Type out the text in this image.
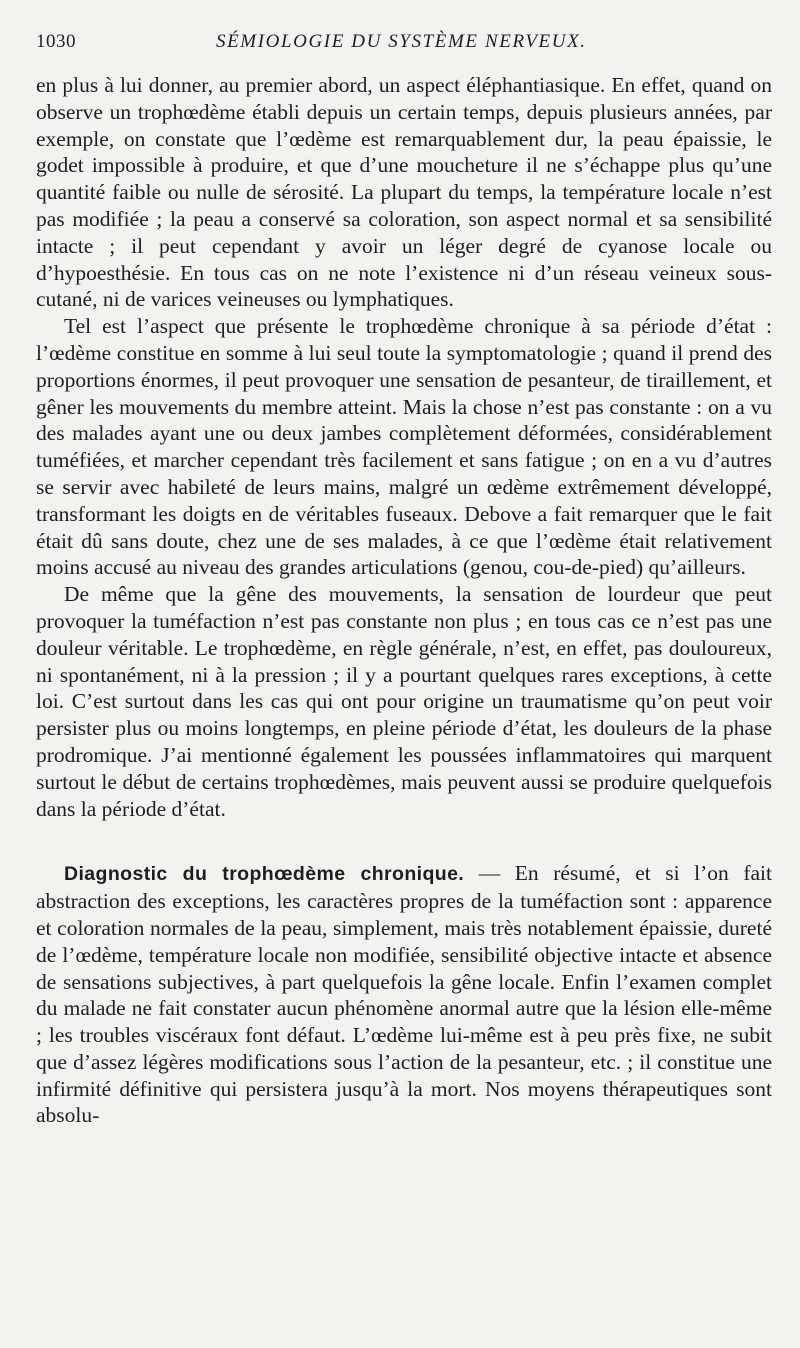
1030	SÉMIOLOGIE DU SYSTÈME NERVEUX.

en plus à lui donner, au premier abord, un aspect éléphantiasique. En effet, quand on observe un trophœdème établi depuis un certain temps, depuis plusieurs années, par exemple, on constate que l’œdème est remarquablement dur, la peau épaissie, le godet impossible à produire, et que d’une moucheture il ne s’échappe plus qu’une quantité faible ou nulle de sérosité. La plupart du temps, la température locale n’est pas modifiée ; la peau a conservé sa coloration, son aspect normal et sa sensibilité intacte ; il peut cependant y avoir un léger degré de cyanose locale ou d’hypoesthésie. En tous cas on ne note l’existence ni d’un réseau veineux sous-cutané, ni de varices veineuses ou lymphatiques.

Tel est l’aspect que présente le trophœdème chronique à sa période d’état : l’œdème constitue en somme à lui seul toute la symptomatologie ; quand il prend des proportions énormes, il peut provoquer une sensation de pesanteur, de tiraillement, et gêner les mouvements du membre atteint. Mais la chose n’est pas constante : on a vu des malades ayant une ou deux jambes complètement déformées, considérablement tuméfiées, et marcher cependant très facilement et sans fatigue ; on en a vu d’autres se servir avec habileté de leurs mains, malgré un œdème extrêmement développé, transformant les doigts en de véritables fuseaux. Debove a fait remarquer que le fait était dû sans doute, chez une de ses malades, à ce que l’œdème était relativement moins accusé au niveau des grandes articulations (genou, cou-de-pied) qu’ailleurs.

De même que la gêne des mouvements, la sensation de lourdeur que peut provoquer la tuméfaction n’est pas constante non plus ; en tous cas ce n’est pas une douleur véritable. Le trophœdème, en règle générale, n’est, en effet, pas douloureux, ni spontanément, ni à la pression ; il y a pourtant quelques rares exceptions, à cette loi. C’est surtout dans les cas qui ont pour origine un traumatisme qu’on peut voir persister plus ou moins longtemps, en pleine période d’état, les douleurs de la phase prodromique. J’ai mentionné également les poussées inflammatoires qui marquent surtout le début de certains trophœdèmes, mais peuvent aussi se produire quelquefois dans la période d’état.

Diagnostic du trophœdème chronique. — En résumé, et si l’on fait abstraction des exceptions, les caractères propres de la tuméfaction sont : apparence et coloration normales de la peau, simplement, mais très notablement épaissie, dureté de l’œdème, température locale non modifiée, sensibilité objective intacte et absence de sensations subjectives, à part quelquefois la gêne locale. Enfin l’examen complet du malade ne fait constater aucun phénomène anormal autre que la lésion elle-même ; les troubles viscéraux font défaut. L’œdème lui-même est à peu près fixe, ne subit que d’assez légères modifications sous l’action de la pesanteur, etc. ; il constitue une infirmité définitive qui persistera jusqu’à la mort. Nos moyens thérapeutiques sont absolu-
